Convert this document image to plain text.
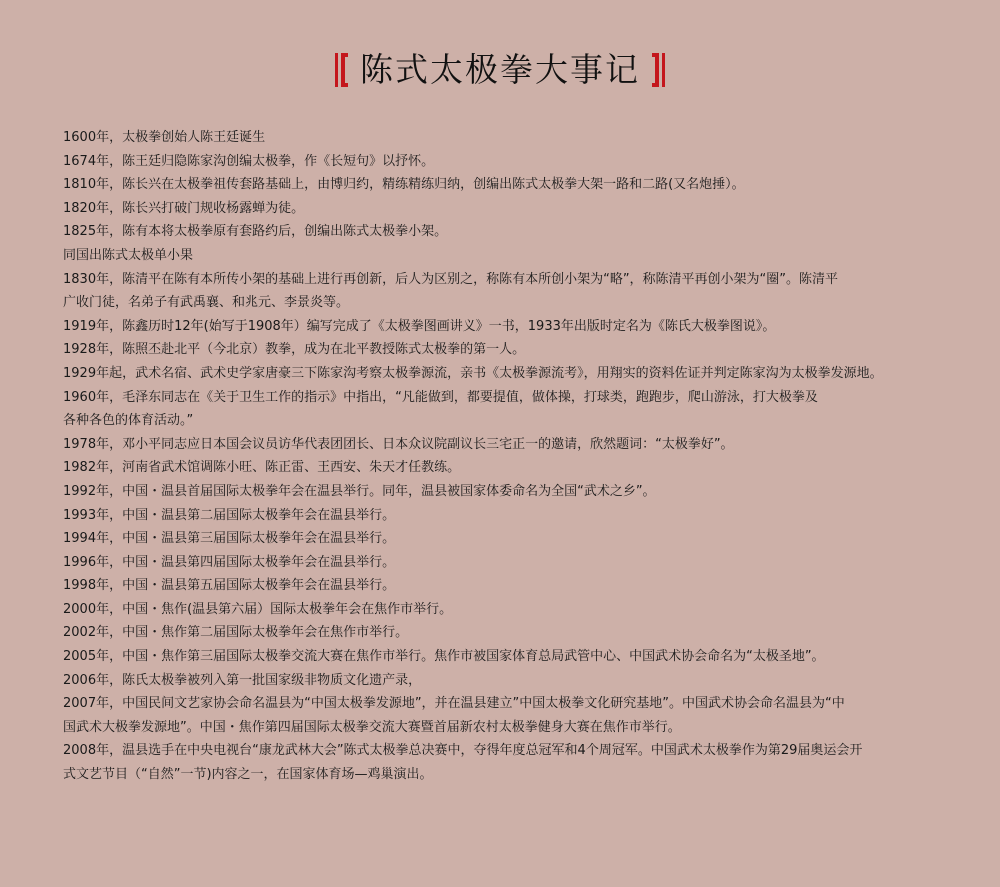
陈式太极拳大事记
1600年，太极拳创始人陈王廷诞生
1674年，陈王廷归隐陈家沟创编太极拳，作《长短句》以抒怀。
1810年，陈长兴在太极拳祖传套路基础上，由博归约，精练精练归纳，创编出陈式太极拳大架一路和二路(又名炮捶）。
1820年，陈长兴打破门规收杨露蝉为徒。
1825年，陈有本将太极拳原有套路约后，创编出陈式太极拳小架。
同国出陈式太极单小果
1830年，陈清平在陈有本所传小架的基础上进行再创新，后人为区别之，称陈有本所创小架为“略”，称陈清平再创小架为“圈”。陈清平
广收门徒，名弟子有武禹襄、和兆元、李景炎等。
1919年，陈鑫历时12年(始写于1908年）编写完成了《太极拳图画讲义》一书，1933年出版时定名为《陈氏大极拳图说》。
1928年，陈照丕赴北平（今北京）教拳，成为在北平教授陈式太极拳的第一人。
1929年起，武术名宿、武术史学家唐豪三下陈家沟考察太极拳源流，亲书《太极拳源流考》，用翔实的资料佐证并判定陈家沟为太极拳发源地。
1960年，毛泽东同志在《关于卫生工作的指示》中指出，“凡能做到，都要提值，做体操，打球类，跑跑步，爬山游泳，打大极拳及
各种各色的体育活动。”
1978年，邓小平同志应日本国会议员访华代表团团长、日本众议院副议长三宅正一的邀请，欣然题词：“太极拳好”。
1982年，河南省武术馆调陈小旺、陈正雷、王西安、朱天才任教练。
1992年，中国・温县首届国际太极拳年会在温县举行。同年，温县被国家体委命名为全国“武术之乡”。
1993年，中国・温县第二届国际太极拳年会在温县举行。
1994年，中国・温县第三届国际太极拳年会在温县举行。
1996年，中国・温县第四届国际太极拳年会在温县举行。
1998年，中国・温县第五届国际太极拳年会在温县举行。
2000年，中国・焦作(温县第六届）国际太极拳年会在焦作市举行。
2002年，中国・焦作第二届国际太极拳年会在焦作市举行。
2005年，中国・焦作第三届国际太极拳交流大赛在焦作市举行。焦作市被国家体育总局武管中心、中国武术协会命名为“太极圣地”。
2006年，陈氏太极拳被列入第一批国家级非物质文化遗产录，
2007年，中国民间文艺家协会命名温县为“中国太极拳发源地”，并在温县建立”中国太极拳文化研究基地”。中国武术协会命名温县为“中
国武术大极拳发源地”。中国・焦作第四届国际太极拳交流大赛暨首届新农村太极拳健身大赛在焦作市举行。
2008年，温县选手在中央电视台“康龙武林大会”陈式太极拳总决赛中，夺得年度总冠军和4个周冠军。中国武术太极拳作为第29届奥运会开
式文艺节目（“自然”一节)内容之一，在国家体育场—鸡巢演出。
